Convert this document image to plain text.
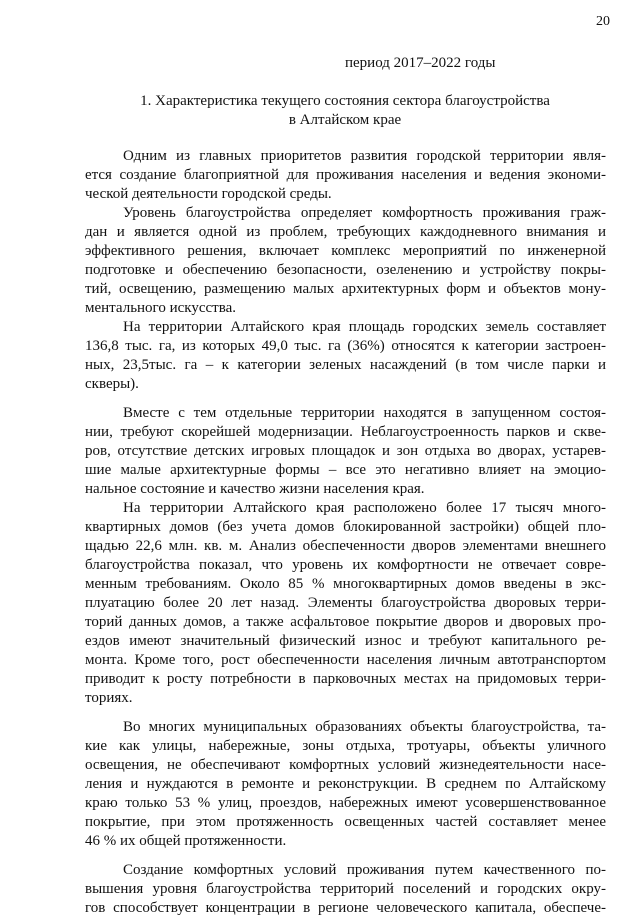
20
период 2017–2022 годы
1. Характеристика текущего состояния сектора благоустройства
в Алтайском крае
Одним из главных приоритетов развития городской территории явля-
ется создание благоприятной для проживания населения и ведения экономи-
ческой деятельности городской среды.
Уровень благоустройства определяет комфортность проживания граж-
дан и является одной из проблем, требующих каждодневного внимания и
эффективного решения, включает комплекс мероприятий по инженерной
подготовке и обеспечению безопасности, озеленению и устройству покры-
тий, освещению, размещению малых архитектурных форм и объектов мону-
ментального искусства.
На территории Алтайского края площадь городских земель составляет
136,8 тыс. га, из которых 49,0 тыс. га (36%) относятся к категории застроен-
ных, 23,5тыс. га – к категории зеленых насаждений (в том числе парки и
скверы).
Вместе с тем отдельные территории находятся в запущенном состоя-
нии, требуют скорейшей модернизации. Неблагоустроенность парков и скве-
ров, отсутствие детских игровых площадок и зон отдыха во дворах, устарев-
шие малые архитектурные формы – все это негативно влияет на эмоцио-
нальное состояние и качество жизни населения края.
На территории Алтайского края расположено более 17 тысяч много-
квартирных домов (без учета домов блокированной застройки) общей пло-
щадью 22,6 млн. кв. м. Анализ обеспеченности дворов элементами внешнего
благоустройства показал, что уровень их комфортности не отвечает совре-
менным требованиям. Около 85 % многоквартирных домов введены в экс-
плуатацию более 20 лет назад. Элементы благоустройства дворовых терри-
торий данных домов, а также асфальтовое покрытие дворов и дворовых про-
ездов имеют значительный физический износ и требуют капитального ре-
монта. Кроме того, рост обеспеченности населения личным автотранспортом
приводит к росту потребности в парковочных местах на придомовых терри-
ториях.
Во многих муниципальных образованиях объекты благоустройства, та-
кие как улицы, набережные, зоны отдыха, тротуары, объекты уличного
освещения, не обеспечивают комфортных условий жизнедеятельности насе-
ления и нуждаются в ремонте и реконструкции. В среднем по Алтайскому
краю только 53 % улиц, проездов, набережных имеют усовершенствованное
покрытие, при этом протяженность освещенных частей составляет менее
46 % их общей протяженности.
Создание комфортных условий проживания путем качественного по-
вышения уровня благоустройства территорий поселений и городских окру-
гов способствует концентрации в регионе человеческого капитала, обеспече-
